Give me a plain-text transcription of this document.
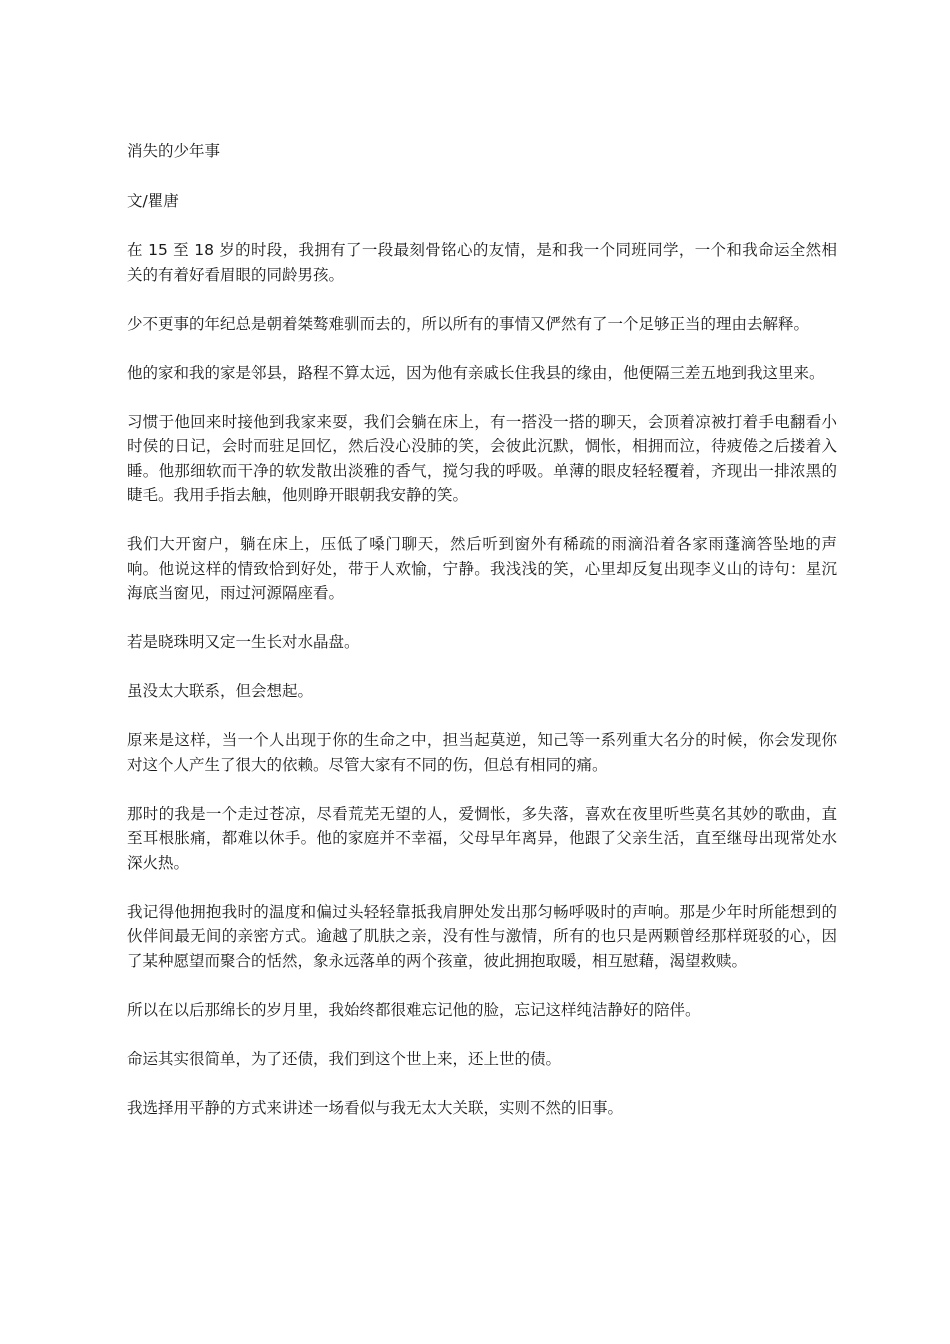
消失的少年事

文/瞿唐

在 15 至 18 岁的时段，我拥有了一段最刻骨铭心的友情，是和我一个同班同学，一个和我命运全然相关的有着好看眉眼的同龄男孩。

少不更事的年纪总是朝着桀骜难驯而去的，所以所有的事情又俨然有了一个足够正当的理由去解释。

他的家和我的家是邻县，路程不算太远，因为他有亲戚长住我县的缘由，他便隔三差五地到我这里来。

习惯于他回来时接他到我家来耍，我们会躺在床上，有一搭没一搭的聊天，会顶着凉被打着手电翻看小时侯的日记，会时而驻足回忆，然后没心没肺的笑，会彼此沉默，惆怅，相拥而泣，待疲倦之后搂着入睡。他那细软而干净的软发散出淡雅的香气，搅匀我的呼吸。单薄的眼皮轻轻覆着，齐现出一排浓黑的睫毛。我用手指去触，他则睁开眼朝我安静的笑。

我们大开窗户，躺在床上，压低了嗓门聊天，然后听到窗外有稀疏的雨滴沿着各家雨蓬滴答坠地的声响。他说这样的情致恰到好处，带于人欢愉，宁静。我浅浅的笑，心里却反复出现李义山的诗句：星沉海底当窗见，雨过河源隔座看。

若是晓珠明又定一生长对水晶盘。

虽没太大联系，但会想起。

原来是这样，当一个人出现于你的生命之中，担当起莫逆，知己等一系列重大名分的时候，你会发现你对这个人产生了很大的依赖。尽管大家有不同的伤，但总有相同的痛。

那时的我是一个走过苍凉，尽看荒芜无望的人，爱惆怅，多失落，喜欢在夜里听些莫名其妙的歌曲，直至耳根胀痛，都难以休手。他的家庭并不幸福，父母早年离异，他跟了父亲生活，直至继母出现常处水深火热。

我记得他拥抱我时的温度和偏过头轻轻靠抵我肩胛处发出那匀畅呼吸时的声响。那是少年时所能想到的伙伴间最无间的亲密方式。逾越了肌肤之亲，没有性与激情，所有的也只是两颗曾经那样斑驳的心，因了某种愿望而聚合的恬然，象永远落单的两个孩童，彼此拥抱取暖，相互慰藉，渴望救赎。

所以在以后那绵长的岁月里，我始终都很难忘记他的脸，忘记这样纯洁静好的陪伴。

命运其实很简单，为了还债，我们到这个世上来，还上世的债。

我选择用平静的方式来讲述一场看似与我无太大关联，实则不然的旧事。
